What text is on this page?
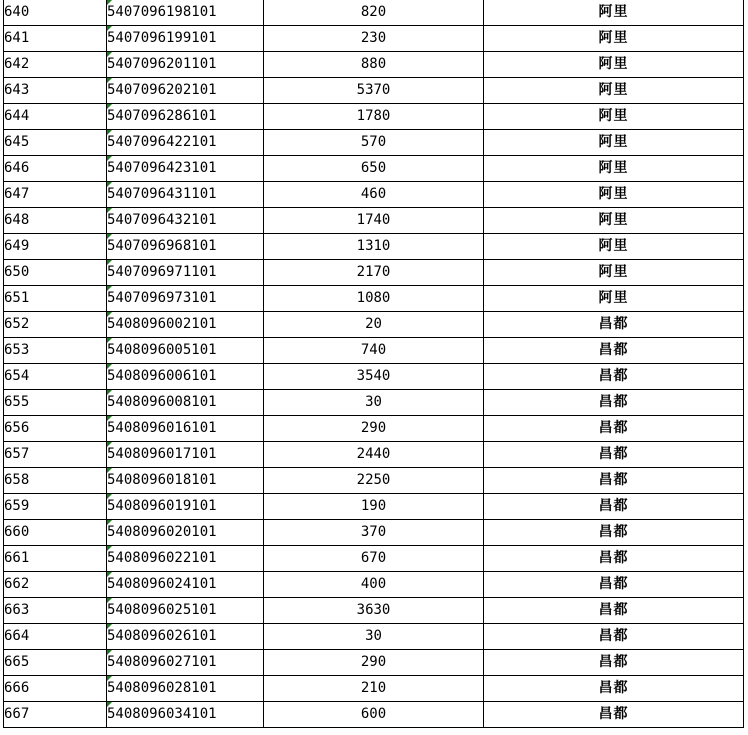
640	5407096198101	820	阿里
641	5407096199101	230	阿里
642	5407096201101	880	阿里
643	5407096202101	5370	阿里
644	5407096286101	1780	阿里
645	5407096422101	570	阿里
646	5407096423101	650	阿里
647	5407096431101	460	阿里
648	5407096432101	1740	阿里
649	5407096968101	1310	阿里
650	5407096971101	2170	阿里
651	5407096973101	1080	阿里
652	5408096002101	20	昌都
653	5408096005101	740	昌都
654	5408096006101	3540	昌都
655	5408096008101	30	昌都
656	5408096016101	290	昌都
657	5408096017101	2440	昌都
658	5408096018101	2250	昌都
659	5408096019101	190	昌都
660	5408096020101	370	昌都
661	5408096022101	670	昌都
662	5408096024101	400	昌都
663	5408096025101	3630	昌都
664	5408096026101	30	昌都
665	5408096027101	290	昌都
666	5408096028101	210	昌都
667	5408096034101	600	昌都
